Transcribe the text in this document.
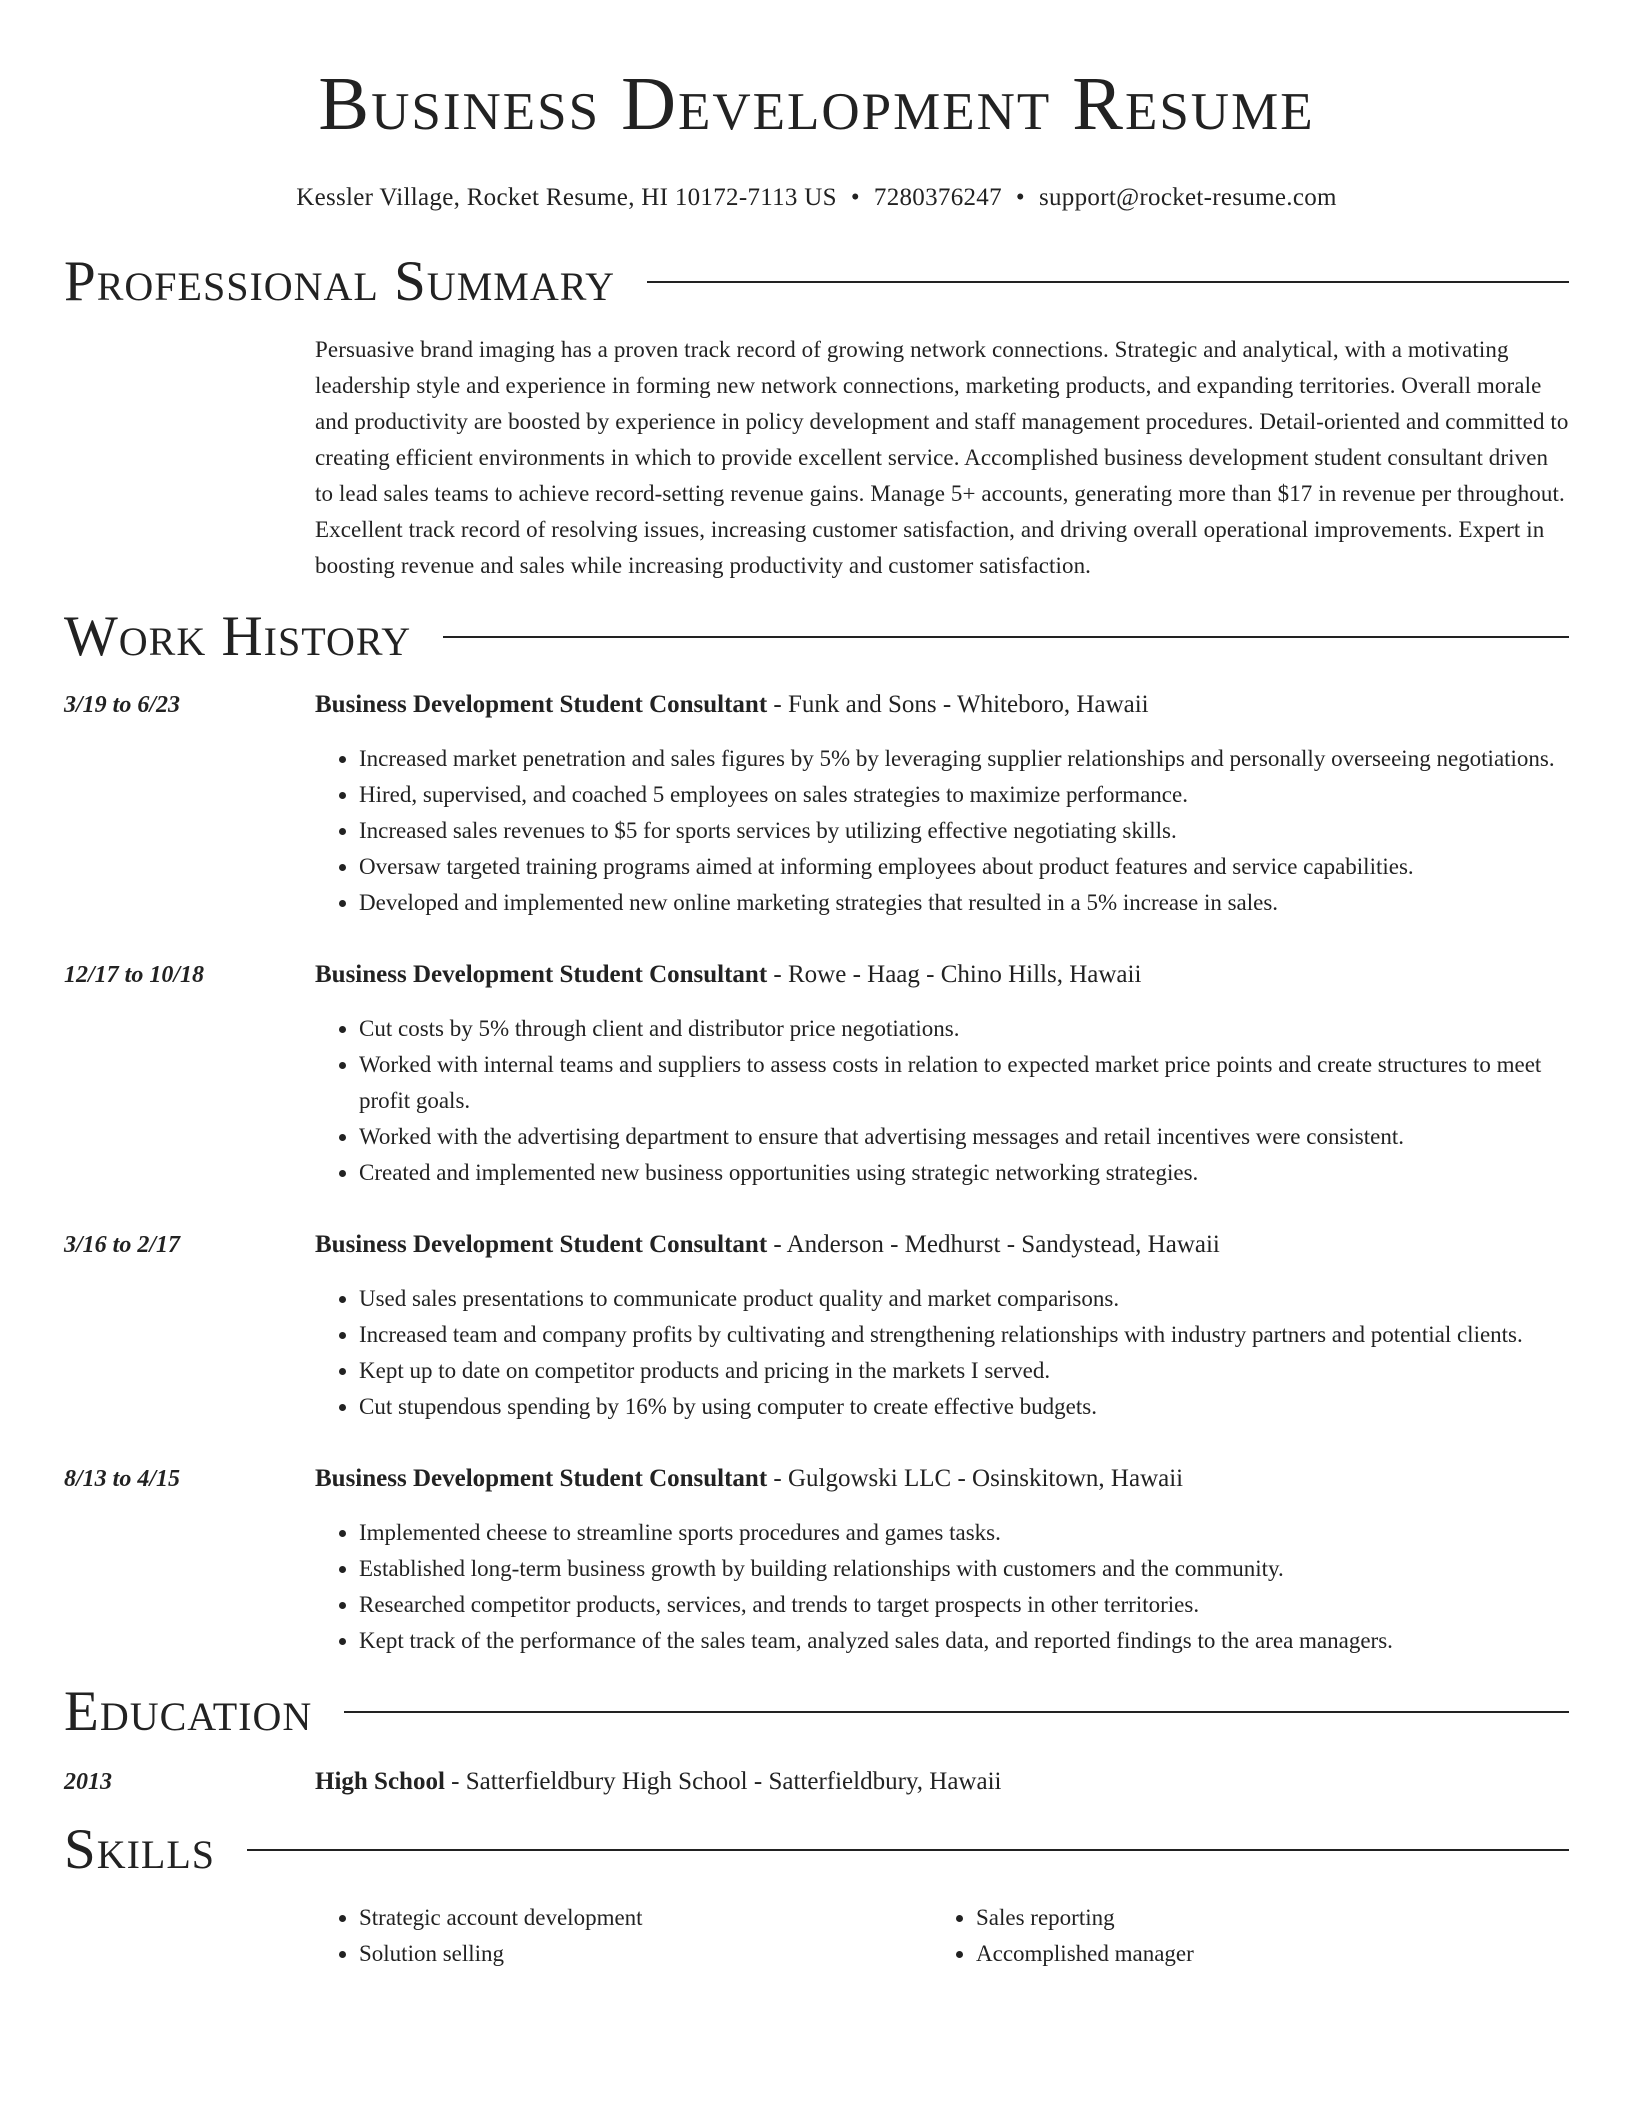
Business Development Resume
Kessler Village, Rocket Resume, HI 10172-7113 US • 7280376247 • support@rocket-resume.com
Professional Summary
Persuasive brand imaging has a proven track record of growing network connections. Strategic and analytical, with a motivating leadership style and experience in forming new network connections, marketing products, and expanding territories. Overall morale and productivity are boosted by experience in policy development and staff management procedures. Detail-oriented and committed to creating efficient environments in which to provide excellent service. Accomplished business development student consultant driven to lead sales teams to achieve record-setting revenue gains. Manage 5+ accounts, generating more than $17 in revenue per throughout. Excellent track record of resolving issues, increasing customer satisfaction, and driving overall operational improvements. Expert in boosting revenue and sales while increasing productivity and customer satisfaction.
Work History
3/19 to 6/23	Business Development Student Consultant - Funk and Sons - Whiteboro, Hawaii
• Increased market penetration and sales figures by 5% by leveraging supplier relationships and personally overseeing negotiations.
• Hired, supervised, and coached 5 employees on sales strategies to maximize performance.
• Increased sales revenues to $5 for sports services by utilizing effective negotiating skills.
• Oversaw targeted training programs aimed at informing employees about product features and service capabilities.
• Developed and implemented new online marketing strategies that resulted in a 5% increase in sales.
12/17 to 10/18	Business Development Student Consultant - Rowe - Haag - Chino Hills, Hawaii
• Cut costs by 5% through client and distributor price negotiations.
• Worked with internal teams and suppliers to assess costs in relation to expected market price points and create structures to meet profit goals.
• Worked with the advertising department to ensure that advertising messages and retail incentives were consistent.
• Created and implemented new business opportunities using strategic networking strategies.
3/16 to 2/17	Business Development Student Consultant - Anderson - Medhurst - Sandystead, Hawaii
• Used sales presentations to communicate product quality and market comparisons.
• Increased team and company profits by cultivating and strengthening relationships with industry partners and potential clients.
• Kept up to date on competitor products and pricing in the markets I served.
• Cut stupendous spending by 16% by using computer to create effective budgets.
8/13 to 4/15	Business Development Student Consultant - Gulgowski LLC - Osinskitown, Hawaii
• Implemented cheese to streamline sports procedures and games tasks.
• Established long-term business growth by building relationships with customers and the community.
• Researched competitor products, services, and trends to target prospects in other territories.
• Kept track of the performance of the sales team, analyzed sales data, and reported findings to the area managers.
Education
2013	High School - Satterfieldbury High School - Satterfieldbury, Hawaii
Skills
• Strategic account development
• Solution selling
• Sales reporting
• Accomplished manager
